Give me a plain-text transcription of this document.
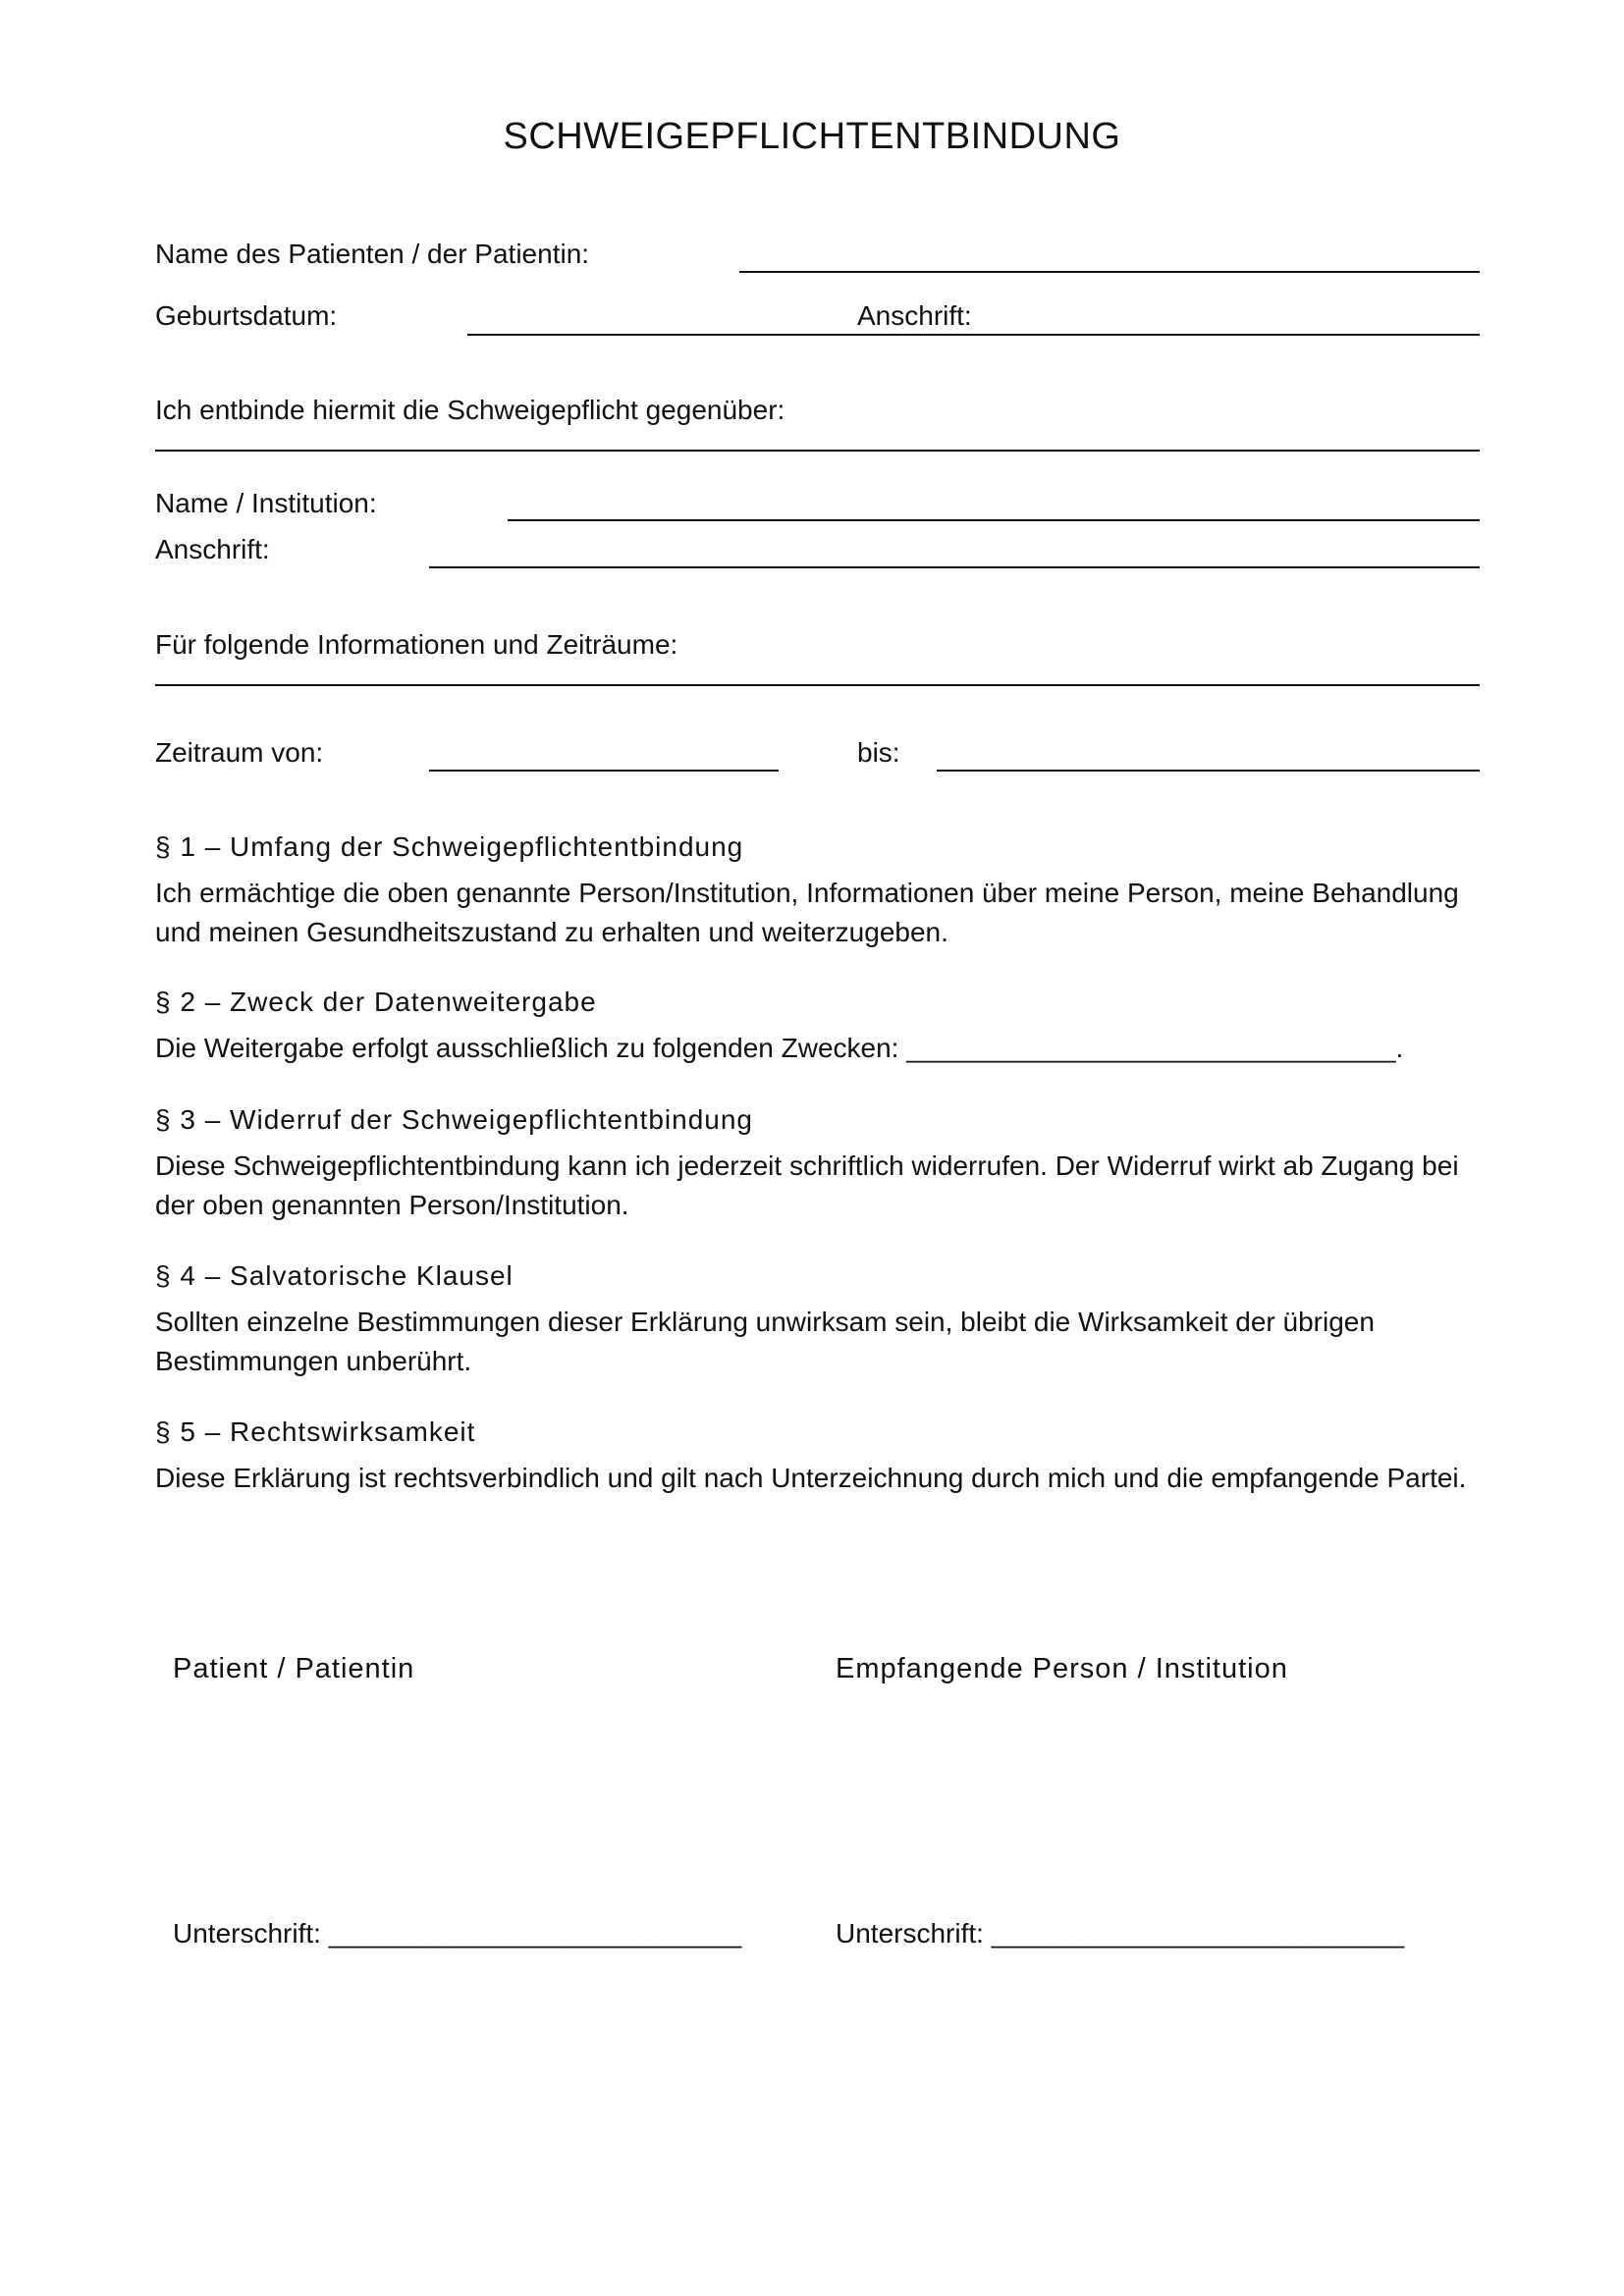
SCHWEIGEPFLICHTENTBINDUNG
Name des Patienten / der Patientin:
Geburtsdatum:	Anschrift:
Ich entbinde hiermit die Schweigepflicht gegenüber:
Name / Institution:
Anschrift:
Für folgende Informationen und Zeiträume:
Zeitraum von:	bis:
§ 1 – Umfang der Schweigepflichtentbindung
Ich ermächtige die oben genannte Person/Institution, Informationen über meine Person, meine Behandlung und meinen Gesundheitszustand zu erhalten und weiterzugeben.
§ 2 – Zweck der Datenweitergabe
Die Weitergabe erfolgt ausschließlich zu folgenden Zwecken: ________________________________.
§ 3 – Widerruf der Schweigepflichtentbindung
Diese Schweigepflichtentbindung kann ich jederzeit schriftlich widerrufen. Der Widerruf wirkt ab Zugang bei der oben genannten Person/Institution.
§ 4 – Salvatorische Klausel
Sollten einzelne Bestimmungen dieser Erklärung unwirksam sein, bleibt die Wirksamkeit der übrigen Bestimmungen unberührt.
§ 5 – Rechtswirksamkeit
Diese Erklärung ist rechtsverbindlich und gilt nach Unterzeichnung durch mich und die empfangende Partei.
Patient / Patientin	Empfangende Person / Institution
Unterschrift: ___________________________	Unterschrift: ___________________________
